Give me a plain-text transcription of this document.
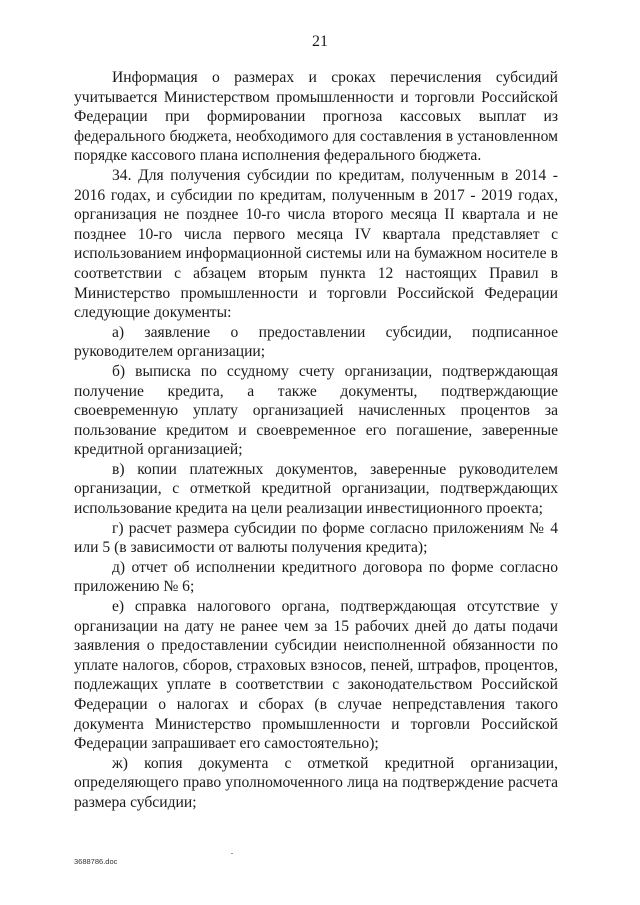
21

Информация о размерах и сроках перечисления субсидий учитывается Министерством промышленности и торговли Российской Федерации при формировании прогноза кассовых выплат из федерального бюджета, необходимого для составления в установленном порядке кассового плана исполнения федерального бюджета.

34. Для получения субсидии по кредитам, полученным в 2014 - 2016 годах, и субсидии по кредитам, полученным в 2017 - 2019 годах, организация не позднее 10-го числа второго месяца II квартала и не позднее 10-го числа первого месяца IV квартала представляет с использованием информационной системы или на бумажном носителе в соответствии с абзацем вторым пункта 12 настоящих Правил в Министерство промышленности и торговли Российской Федерации следующие документы:

а) заявление о предоставлении субсидии, подписанное руководителем организации;

б) выписка по ссудному счету организации, подтверждающая получение кредита, а также документы, подтверждающие своевременную уплату организацией начисленных процентов за пользование кредитом и своевременное его погашение, заверенные кредитной организацией;

в) копии платежных документов, заверенные руководителем организации, с отметкой кредитной организации, подтверждающих использование кредита на цели реализации инвестиционного проекта;

г) расчет размера субсидии по форме согласно приложениям № 4 или 5 (в зависимости от валюты получения кредита);

д) отчет об исполнении кредитного договора по форме согласно приложению № 6;

е) справка налогового органа, подтверждающая отсутствие у организации на дату не ранее чем за 15 рабочих дней до даты подачи заявления о предоставлении субсидии неисполненной обязанности по уплате налогов, сборов, страховых взносов, пеней, штрафов, процентов, подлежащих уплате в соответствии с законодательством Российской Федерации о налогах и сборах (в случае непредставления такого документа Министерство промышленности и торговли Российской Федерации запрашивает его самостоятельно);

ж) копия документа с отметкой кредитной организации, определяющего право уполномоченного лица на подтверждение расчета размера субсидии;

3688786.doc
